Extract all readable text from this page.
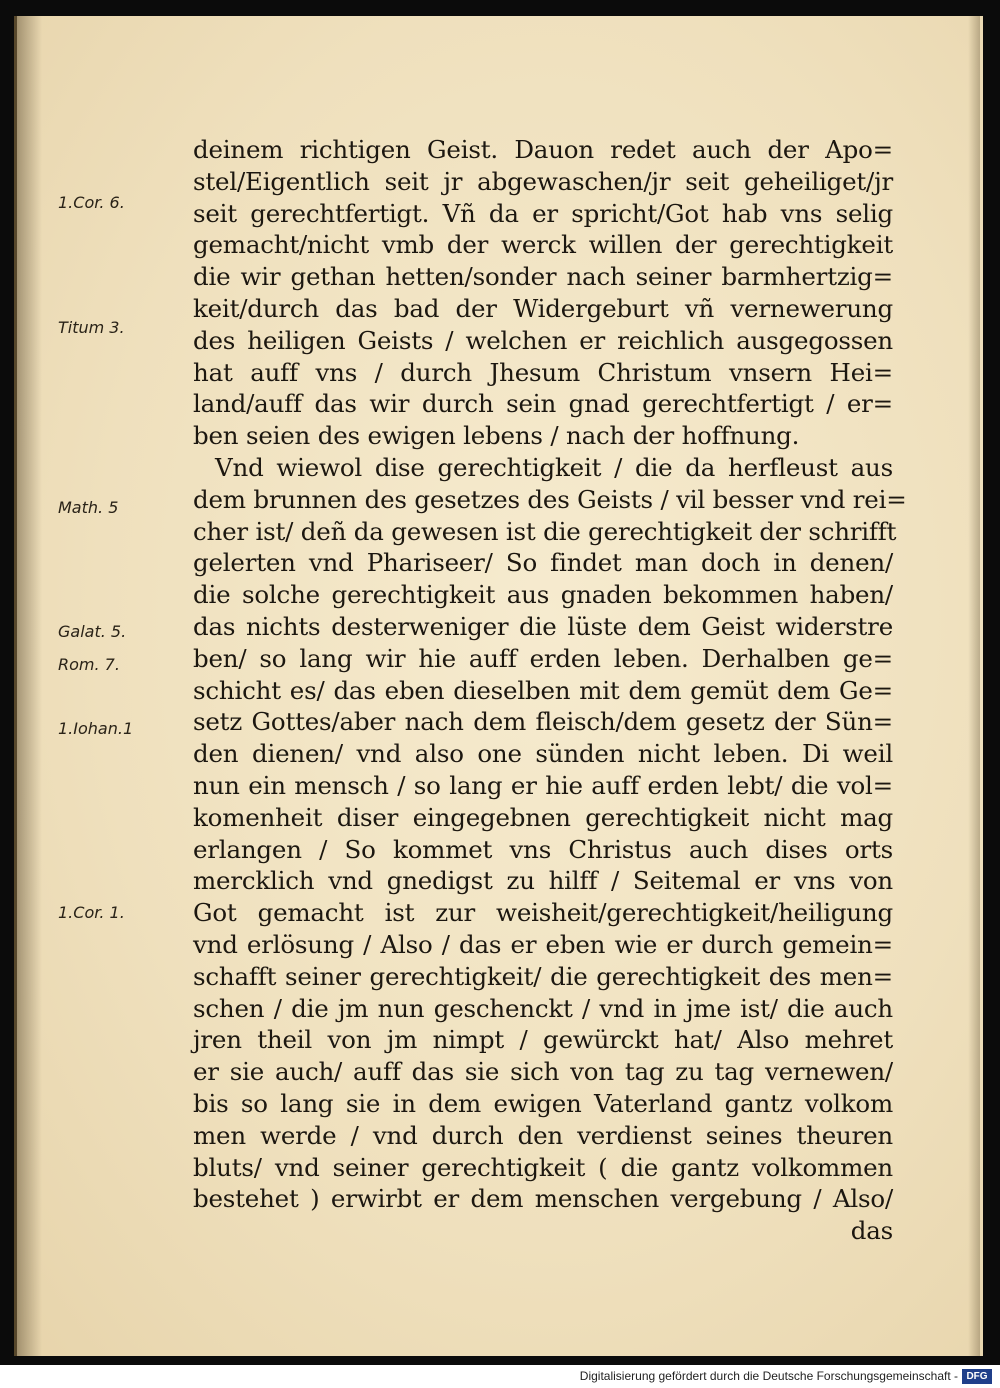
1.Cor. 6.
Titum 3.
Math. 5
Galat. 5.
Rom. 7.
1.Iohan.1
1.Cor. 1.
deinem richtigen Geist. Dauon redet auch der Apo=
stel/Eigentlich seit jr abgewaschen/jr seit geheiliget/jr
seit gerechtfertigt. Vñ da er spricht/Got hab vns selig
gemacht/nicht vmb der werck willen der gerechtigkeit
die wir gethan hetten/sonder nach seiner barmhertzig=
keit/durch das bad der Widergeburt vñ vernewerung
des heiligen Geists / welchen er reichlich ausgegossen
hat auff vns / durch Jhesum Christum vnsern Hei=
land/auff das wir durch sein gnad gerechtfertigt / er=
ben seien des ewigen lebens / nach der hoffnung.
Vnd wiewol dise gerechtigkeit / die da herfleust aus
dem brunnen des gesetzes des Geists / vil besser vnd rei=
cher ist/ deñ da gewesen ist die gerechtigkeit der schrifft
gelerten vnd Phariseer/ So findet man doch in denen/
die solche gerechtigkeit aus gnaden bekommen haben/
das nichts desterweniger die lüste dem Geist widerstre
ben/ so lang wir hie auff erden leben. Derhalben ge=
schicht es/ das eben dieselben mit dem gemüt dem Ge=
setz Gottes/aber nach dem fleisch/dem gesetz der Sün=
den dienen/ vnd also one sünden nicht leben. Di weil
nun ein mensch / so lang er hie auff erden lebt/ die vol=
komenheit diser eingegebnen gerechtigkeit nicht mag
erlangen / So kommet vns Christus auch dises orts
mercklich vnd gnedigst zu hilff / Seitemal er vns von
Got gemacht ist zur weisheit/gerechtigkeit/heiligung
vnd erlösung / Also / das er eben wie er durch gemein=
schafft seiner gerechtigkeit/ die gerechtigkeit des men=
schen / die jm nun geschenckt / vnd in jme ist/ die auch
jren theil von jm nimpt / gewürckt hat/ Also mehret
er sie auch/ auff das sie sich von tag zu tag vernewen/
bis so lang sie in dem ewigen Vaterland gantz volkom
men werde / vnd durch den verdienst seines theuren
bluts/ vnd seiner gerechtigkeit ( die gantz volkommen
bestehet ) erwirbt er dem menschen vergebung / Also/
das
Digitalisierung gefördert durch die Deutsche Forschungsgemeinschaft - DFG
